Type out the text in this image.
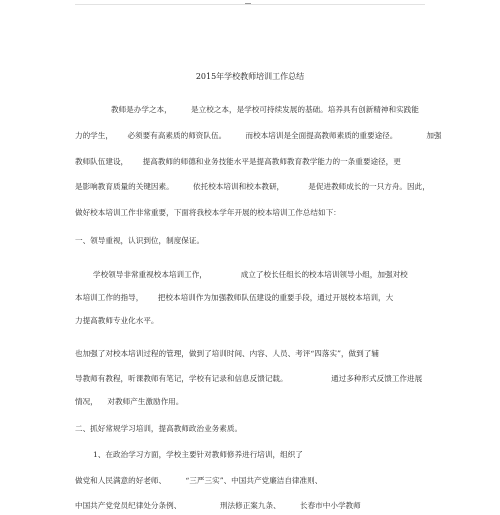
2015年学校教师培训工作总结
教师是办学之本，        是立校之本，是学校可持续发展的基础。培养具有创新精神和实践能
力的学生，      必须要有高素质的师资队伍。        而校本培训是全面提高教师素质的重要途径。            加强
教师队伍建设，      提高教师的师德和业务技能水平是提高教师教育教学能力的一条重要途径，更
是影响教育质量的关键因素。        依托校本培训和校本教研，          是促进教师成长的一只方舟。因此，
做好校本培训工作非常重要，下面将我校本学年开展的校本培训工作总结如下：
一、领导重视，认识到位，制度保证。
学校领导非常重视校本培训工作，              成立了校长任组长的校本培训领导小组，加强对校
本培训工作的指导，      把校本培训作为加强教师队伍建设的重要手段，通过开展校本培训，大
力提高教师专业化水平。
也加强了对校本培训过程的管理，做到了培训时间、内容、人员、考评“四落实”，做到了辅
导教师有教程，听课教师有笔记，学校有记录和信息反馈记载。                  通过多种形式反馈工作进展
情况，    对教师产生激励作用。
二、抓好常规学习培训，提高教师政治业务素质。
1、在政治学习方面，学校主要针对教师修养进行培训，组织了
做党和人民满意的好老师、        “三严三实”、中国共产党廉洁自律准则、
中国共产党党员纪律处分条例、                刑法修正案九条、        长春市中小学教师
